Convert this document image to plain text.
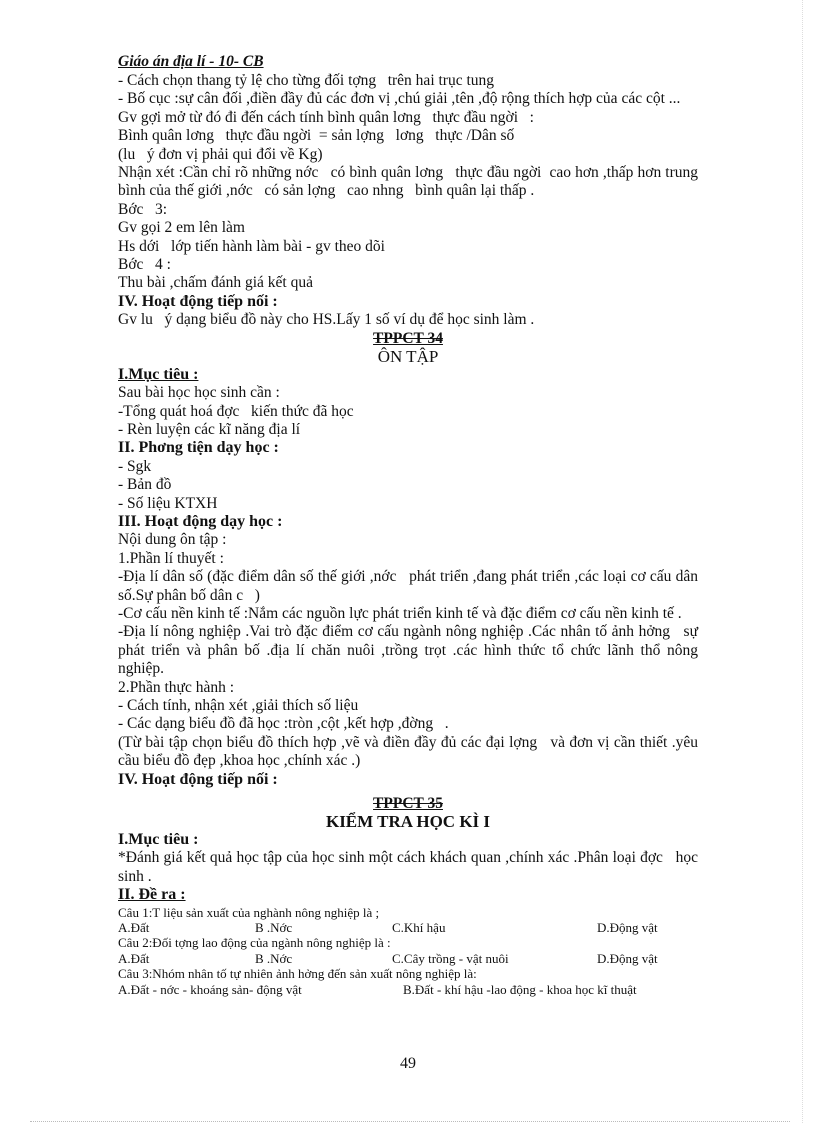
Giáo án địa lí - 10- CB
- Cách chọn thang tỷ lệ cho từng đối tợng   trên hai trục tung
- Bố cục :sự cân đối ,điền đầy đủ các đơn vị ,chú giải ,tên ,độ rộng thích hợp của các cột ...
Gv gợi mở từ đó đi đến cách tính bình quân lơng   thực đầu ngời   :
Bình quân lơng   thực đầu ngời  = sản lợng   lơng   thực /Dân số
(lu   ý đơn vị phải qui đổi về Kg)
Nhận xét :Cần chỉ rõ những nớc   có bình quân lơng   thực đầu ngời  cao hơn ,thấp hơn trung bình của thế giới ,nớc   có sản lợng   cao nhng   bình quân lại thấp .
Bớc   3:
Gv gọi 2 em lên làm
Hs dới   lớp tiến hành làm bài - gv theo dõi
Bớc   4 :
Thu bài ,chấm đánh giá kết quả
IV. Hoạt động tiếp nối :
Gv lu   ý dạng biểu đồ này cho HS.Lấy 1 số ví dụ để học sinh làm .
TPPCT 34
ÔN TẬP
I.Mục tiêu :
Sau bài học học sinh cần :
-Tổng quát hoá đợc   kiến thức đã học
- Rèn luyện các kĩ năng địa lí
II. Phơng tiện dạy học :
- Sgk
- Bản đồ
- Số liệu KTXH
III. Hoạt động dạy học :
Nội dung ôn tập :
1.Phần lí thuyết :
-Địa lí dân số (đặc điểm dân số thế giới ,nớc   phát triển ,đang phát triển ,các loại cơ cấu dân số.Sự phân bố dân c   )
-Cơ cấu nền kinh tế :Nắm các nguồn lực phát triển kinh tế và đặc điểm cơ cấu nền kinh tế .
-Địa lí nông nghiệp .Vai trò đặc điểm cơ cấu ngành nông nghiệp .Các nhân tố ảnh hởng   sự phát triển và phân bố .địa lí chăn nuôi ,trồng trọt .các hình thức tổ chức lãnh thổ nông nghiệp.
2.Phần thực hành :
- Cách tính, nhận xét ,giải thích số liệu
- Các dạng biểu đồ đã học :tròn ,cột ,kết hợp ,đờng   .
(Từ bài tập chọn biểu đồ thích hợp ,vẽ và điền đầy đủ các đại lợng   và đơn vị cần thiết .yêu cầu biểu đồ đẹp ,khoa học ,chính xác .)
IV. Hoạt động tiếp nối :
TPPCT 35
KIỂM TRA HỌC KÌ I
I.Mục tiêu :
*Đánh giá kết quả học tập của học sinh một cách khách quan ,chính xác .Phân loại đợc   học sinh .
II. Đề ra :
Câu 1:T liệu sản xuất của nghành nông nghiệp là ;
A.Đất	B .Nớc	C.Khí hậu	D.Động vật
Câu 2:Đối tợng lao động của ngành nông nghiệp là :
A.Đất	B .Nớc	C.Cây trồng - vật nuôi	D.Động vật
Câu 3:Nhóm nhân tố tự nhiên ảnh hởng đến sản xuất nông nghiệp là:
A.Đất - nớc - khoáng sản- động vật	B.Đất - khí hậu -lao động - khoa học kĩ thuật
49
